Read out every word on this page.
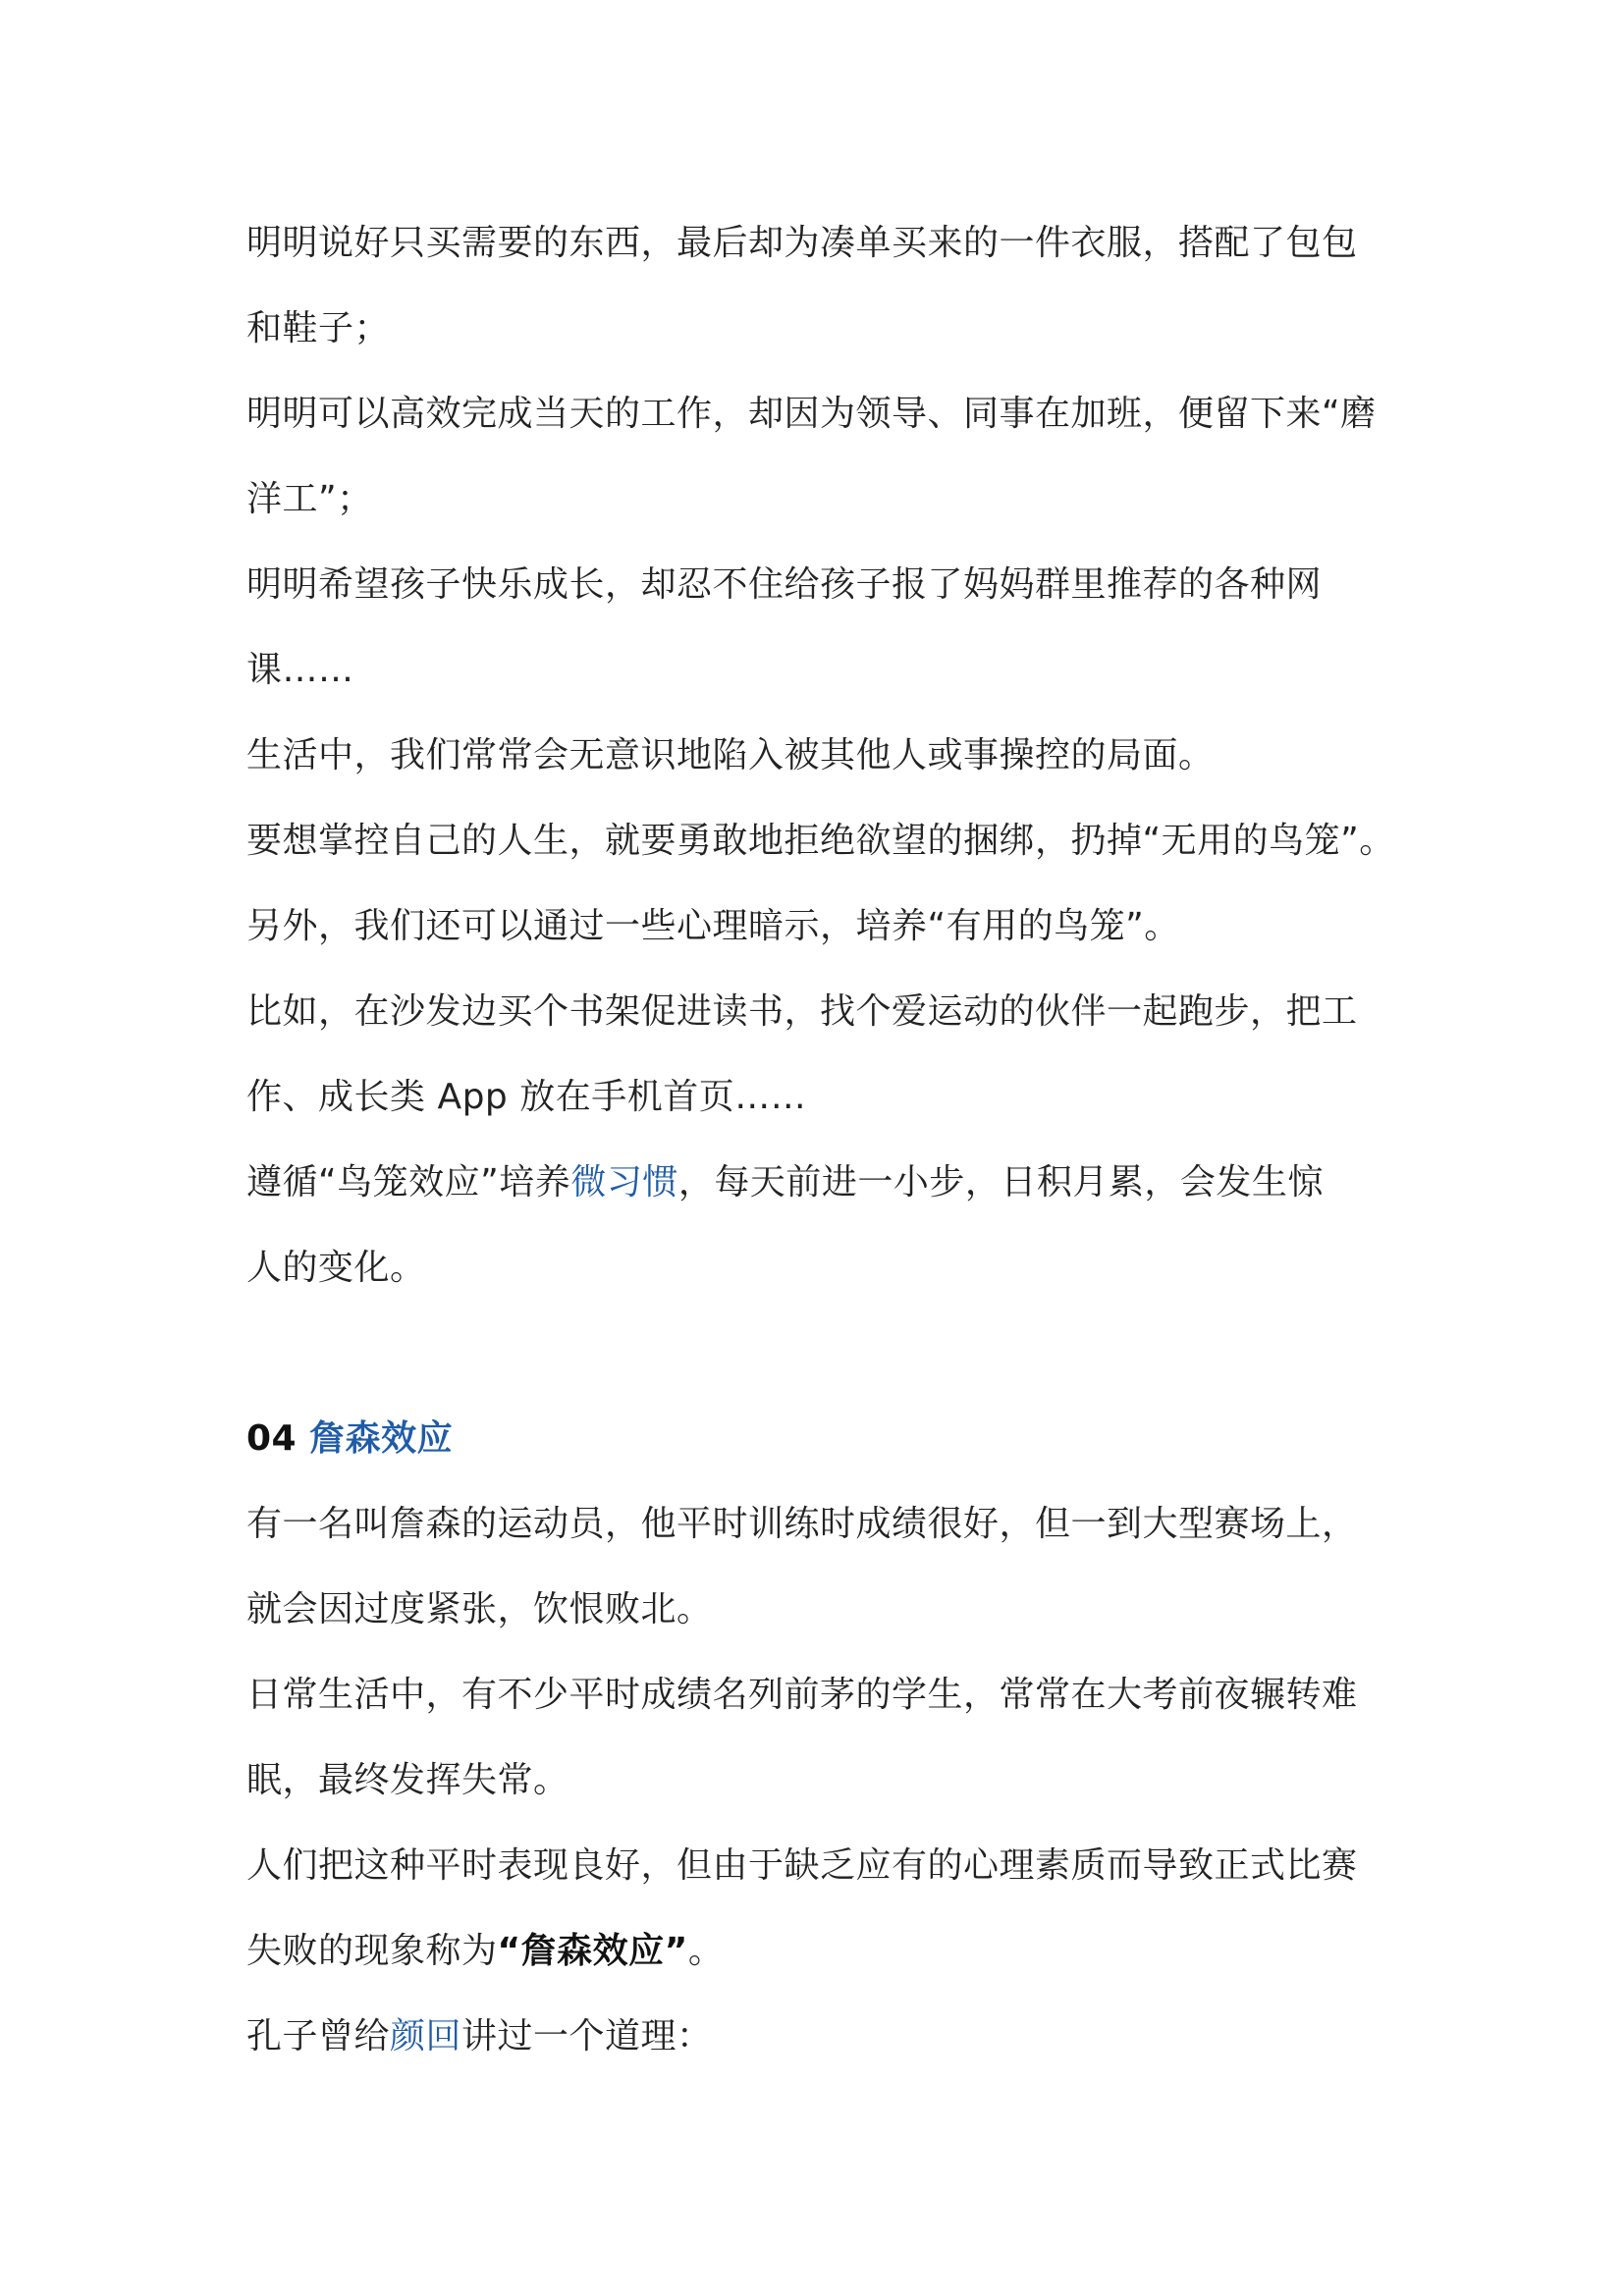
明明说好只买需要的东西，最后却为凑单买来的一件衣服，搭配了包包
和鞋子；
明明可以高效完成当天的工作，却因为领导、同事在加班，便留下来“磨
洋工”；
明明希望孩子快乐成长，却忍不住给孩子报了妈妈群里推荐的各种网
课……
生活中，我们常常会无意识地陷入被其他人或事操控的局面。
要想掌控自己的人生，就要勇敢地拒绝欲望的捆绑，扔掉“无用的鸟笼”。
另外，我们还可以通过一些心理暗示，培养“有用的鸟笼”。
比如，在沙发边买个书架促进读书，找个爱运动的伙伴一起跑步，把工
作、成长类 App 放在手机首页……
遵循“鸟笼效应”培养微习惯，每天前进一小步，日积月累，会发生惊
人的变化。
04 詹森效应
有一名叫詹森的运动员，他平时训练时成绩很好，但一到大型赛场上，
就会因过度紧张，饮恨败北。
日常生活中，有不少平时成绩名列前茅的学生，常常在大考前夜辗转难
眠，最终发挥失常。
人们把这种平时表现良好，但由于缺乏应有的心理素质而导致正式比赛
失败的现象称为“詹森效应”。
孔子曾给颜回讲过一个道理：
